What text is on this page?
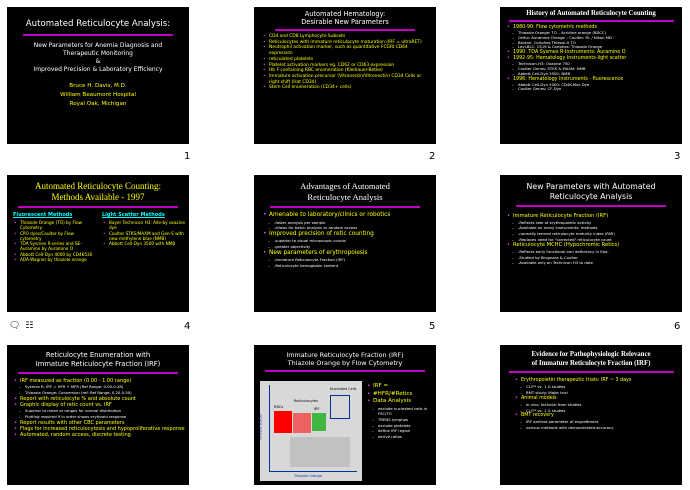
Automated Reticulocyte Analysis:
New Parameters for Anemia Diagnosis and
Therapeutic Monitoring
&
Improved Precision & Laboratory Efficiency
Bruce H. Davis, M.D.
William Beaumont Hospital
Royal Oak, Michigan
1
Automated Hematology:
Desirable New Parameters
• CD4 and CD8 Lymphocyte Subsets
• Reticulocytes with immature reticulocyte maturation (IRF = ultraRET)
• Neutrophil activation marker, such as quantitative FCGRI CD64 expression
• reticulated platelets
• Platelet activation markers eg. CD62 or CD63 expression
• Hb F containing RBC enumeration (Kleihauer-Betke)
• Immature activation precursor (Vitronectin/Vitronectin) CD34 Cells or right shift (Hat CD34)
• Stem Cell enumeration (CD34+ cells)
2
History of Automated Reticulocyte Counting
• 1980-90: Flow cytometric methods
– Thiazole Orange: TO – Acridine orange (BDCC)
– Ortho: Auramine Orange – Coulter: RL / Nikon MD
– Becton: Coriphos Thiazol-H TO
– Levi-BLC: CS-M & Coriphos: Thiazole Orange
• 1990: TOA Sysmex R-Instruments: Auramine O
• 1992-95: Hematology Instruments-light scatter
– Technicon-H3: Oxazine 750
– Coulter Genes: STKS & MAXM: NMB
– Abbott Cell-Dyn 3500: NMB
• 1996: Hematology Instruments - fluorescence
– Abbott Cell-Dyn 4000: CD4K-Mxx Dye
– Coulter Genes: CF-Dye
3
Automated Reticulocyte Counting:
Methods Available - 1997
Fluorescent Methods
• Thiazole Orange (TO) by Flow Cytometry
• CPO dyes/Coulter by Flow cytometry
• TOA Sysmex R-series and SE-Auramine by Auramine O
• Abbott Cell-Dyn 4000 by CD4K530
• ADA-Wagner by thiazole orange
Light Scatter Methods
• Bayer Technicon H3: Adv-by oxazine dye
• Coulter STKS/MAXM and Gen-S with new methylene blue (NMB)
• Abbott Cell-Dyn 3500 with NMB
🗨 ☷	4
Advantages of Automated
Reticulocyte Analysis
• Amenable to laboratory/clinics or robotics
– -faster analysis per sample
– -allows for batch analysis or random access
• Improved precision of retic counting
– -superior to visual microscopic counts
– -greater objectivity
• New parameters of erythropoiesis
– -Immature Reticulocyte Fraction (IRF)
– -Reticulocyte hemoglobin content
5
New Parameters with Automated
Reticulocyte Analysis
• Immature Reticulocyte Fraction (IRF)
– -Reflects rate of erythropoietic activity
– -Available on many instruments; methods
– -normally termed reticulocyte maturity index (RMI)
– -Replaces need for "corrected" reticulocyte count
• Reticulocyte MCHC (Hypochromic Retics)
– -Reflects early functional iron deficiency in Epo-
– -Studied by Brugnara & Coulter
– -Available only on Technicon H3 to date
6
Reticulocyte Enumeration with
Immature Reticulocyte Fraction (IRF)
• IRF measured as fraction (0.00 - 1.00 range)
– Sysmex R: IRF = HFR + MFR (Ref Range: 0.00-0.28)
– Thiazole Orange: Conversion (ref: Ref Range: 0.20-0.50)
• Report with reticulocyte % and absolute count
• Graphic display of retic count vs. IRF
– Superior to mean or ranges for normal distribution
– Plotting required if in order shows erythroid response
• Report results with other CBC parameters
• Flags for increased reticulocytosis and hypoproliferative response
• Automated, random access, discrete testing
Immature Reticulocyte Fraction (IRF)
Thiazole Orange by Flow Cytometry
Forward Scatter
Thiazole Orange
RBCs
Reticulocytes
IRF
Nucleated Cells
•	IRF =
• #HFR/#Retics
• Data Analysis
– exclude nucleated cells in FSC/TO
– TRENS lymphos
– exclude platelets
– define IRF region
– derive ratios
Evidence for Pathophysiologic Relevance
of Immature Reticulocyte Fraction (IRF)
• Erythropoietin therapeutic trials: IRF ~ 3 days
– CLIT* vs. 1 G studies
– BMT study; Major trial
• Animal models
– in vivo, factorial from studies
– CLIT* vs. 1 G studies
• BMT recovery
– IRF earliest parameter of engraftment
– various methods with demonstrated accuracy
